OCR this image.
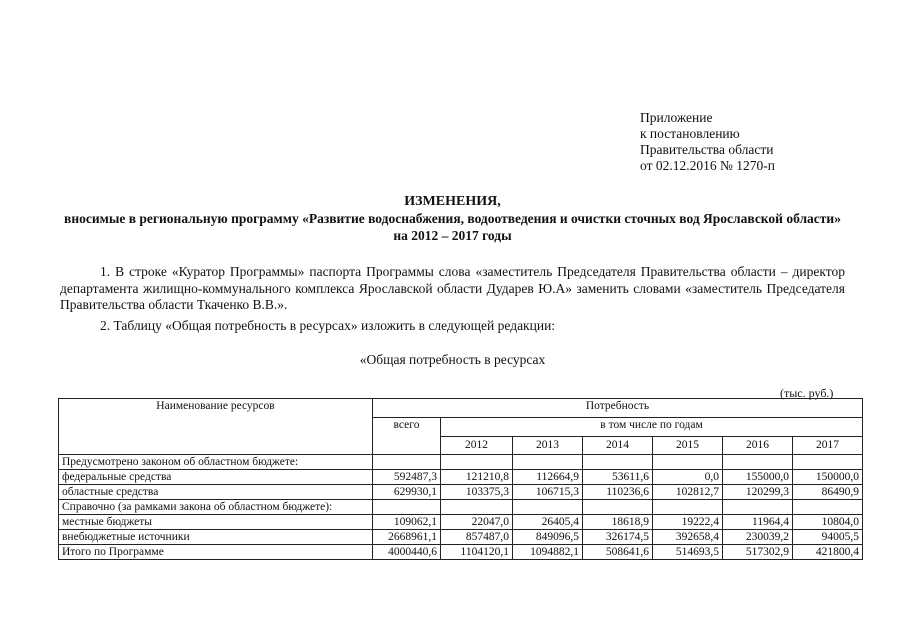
Приложение
к постановлению
Правительства области
от 02.12.2016 № 1270-п
ИЗМЕНЕНИЯ,
вносимые в региональную программу «Развитие водоснабжения, водоотведения и очистки сточных вод Ярославской области» на 2012 – 2017 годы
1. В строке «Куратор Программы» паспорта Программы слова «заместитель Председателя Правительства области – директор департамента жилищно-коммунального комплекса Ярославской области Дударев Ю.А» заменить словами «заместитель Председателя Правительства области Ткаченко В.В.».
2. Таблицу «Общая потребность в ресурсах» изложить в следующей редакции:
«Общая потребность в ресурсах
(тыс. руб.)
Наименование ресурсов	Потребность						
	всего	в том числе по годам					
		2012	2013	2014	2015	2016	2017
Предусмотрено законом об областном бюджете:							
федеральные средства	592487,3	121210,8	112664,9	53611,6	0,0	155000,0	150000,0
областные средства	629930,1	103375,3	106715,3	110236,6	102812,7	120299,3	86490,9
Справочно (за рамками закона об областном бюджете):							
местные бюджеты	109062,1	22047,0	26405,4	18618,9	19222,4	11964,4	10804,0
внебюджетные источники	2668961,1	857487,0	849096,5	326174,5	392658,4	230039,2	94005,5
Итого по Программе	4000440,6	1104120,1	1094882,1	508641,6	514693,5	517302,9	421800,4
